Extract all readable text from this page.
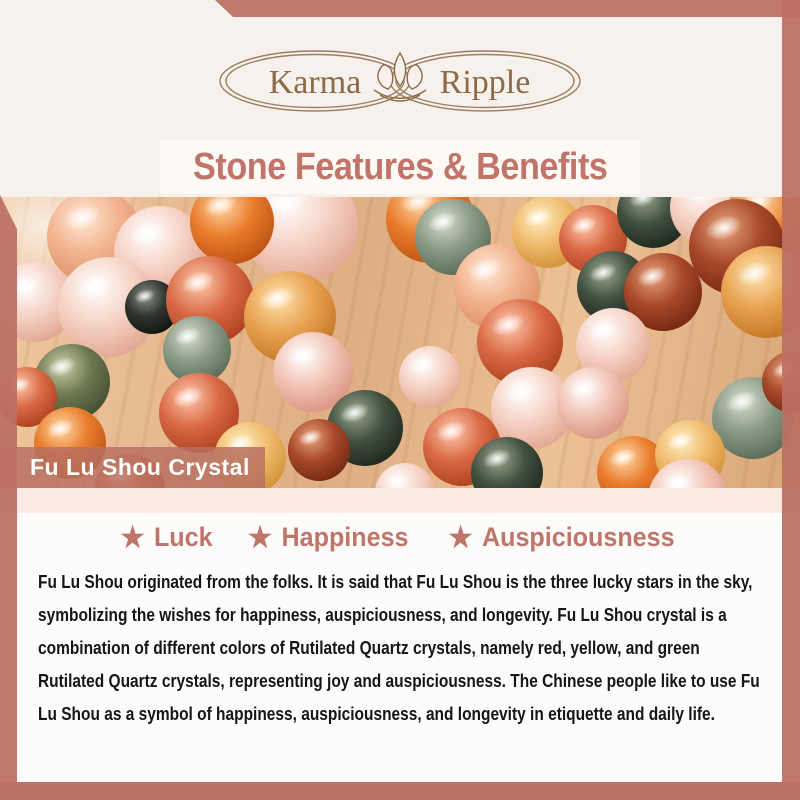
Karma Ripple
Stone Features & Benefits
Fu Lu Shou Crystal
★ Luck ★ Happiness ★ Auspiciousness
Fu Lu Shou originated from the folks. It is said that Fu Lu Shou is the three lucky stars in the sky, symbolizing the wishes for happiness, auspiciousness, and longevity. Fu Lu Shou crystal is a combination of different colors of Rutilated Quartz crystals, namely red, yellow, and green Rutilated Quartz crystals, representing joy and auspiciousness. The Chinese people like to use Fu Lu Shou as a symbol of happiness, auspiciousness, and longevity in etiquette and daily life.
